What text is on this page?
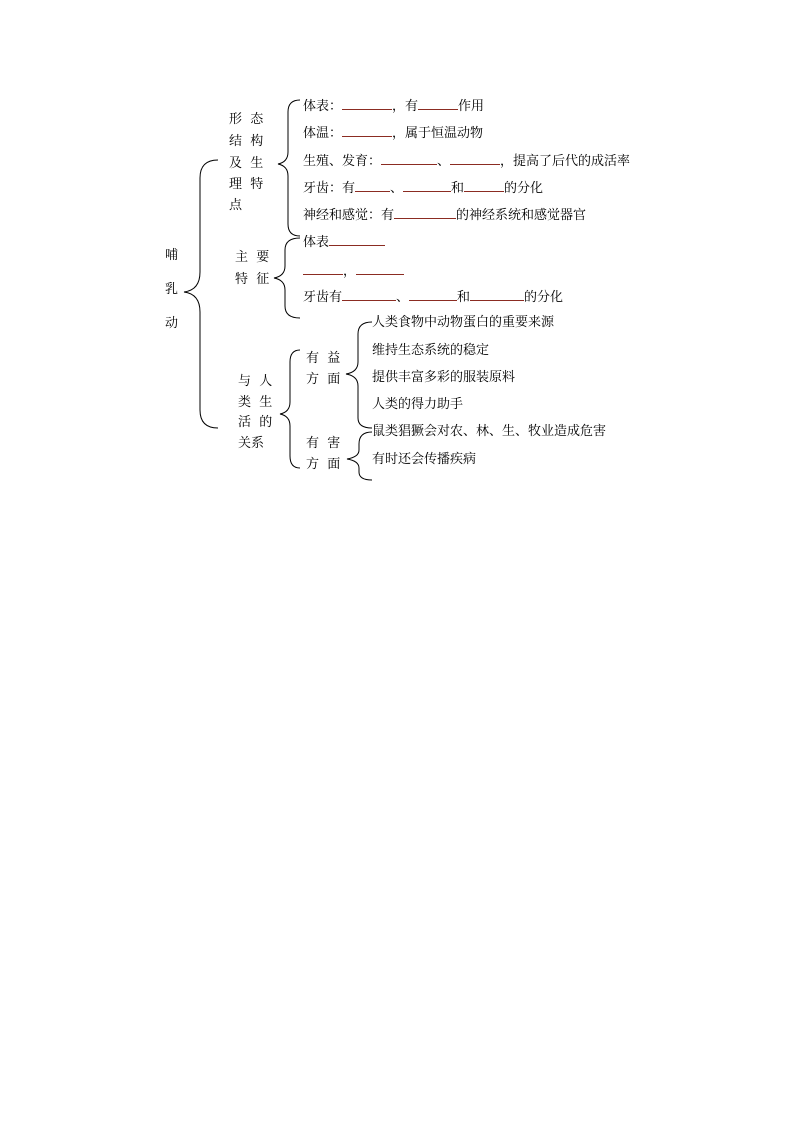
哺
乳
动
形  态
结  构
及  生
理  特
点
体表：	，有	作用
体温：	，属于恒温动物
生殖、发育：	、	，提高了后代的成活率
牙齿：有	、	和	的分化
神经和感觉：有	的神经系统和感觉器官
主  要
特  征
体表
，
牙齿有	、	和	的分化
与  人
类  生
活  的
关系
有  益
方  面
人类食物中动物蛋白的重要来源
维持生态系统的稳定
提供丰富多彩的服装原料
人类的得力助手
有  害
方  面
鼠类猖獗会对农、林、生、牧业造成危害
有时还会传播疾病
